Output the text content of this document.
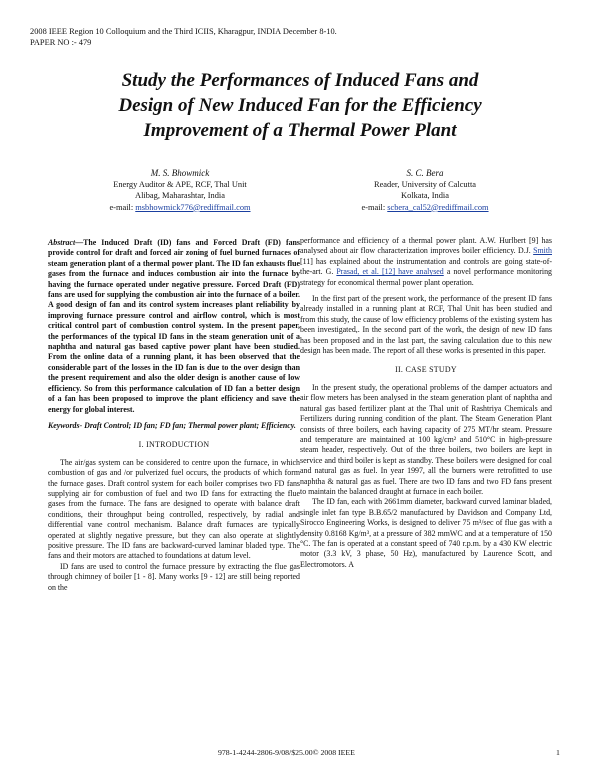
2008 IEEE Region 10 Colloquium and the Third ICIIS, Kharagpur, INDIA December 8-10.
PAPER NO :- 479
Study the Performances of Induced Fans and
Design of New Induced Fan for the Efficiency
Improvement of a Thermal Power Plant
M. S. Bhowmick
Energy Auditor & APE, RCF, Thal Unit
Alibag, Maharashtar, India
e-mail: msbhowmick776@rediffmail.com
S. C. Bera
Reader, University of Calcutta
Kolkata, India
e-mail: scbera_cal52@rediffmail.com
Abstract—The Induced Draft (ID) fans and Forced Draft (FD) fans provide control for draft and forced air zoning of fuel burned furnaces of steam generation plant of a thermal power plant. The ID fan exhausts flue gases from the furnace and induces combustion air into the furnace by having the furnace operated under negative pressure. Forced Draft (FD) fans are used for supplying the combustion air into the furnace of a boiler. A good design of fan and its control system increases plant reliability by improving furnace pressure control and airflow control, which is most critical control part of combustion control system. In the present paper, the performances of the typical ID fans in the steam generation unit of a naphtha and natural gas based captive power plant have been studied. From the online data of a running plant, it has been observed that the considerable part of the losses in the ID fan is due to the over design than the present requirement and also the older design is another cause of low efficiency. So from this performance calculation of ID fan a better design of a fan has been proposed to improve the plant efficiency and save the energy for global interest.
Keywords- Draft Control; ID fan; FD fan; Thermal power plant; Efficiency.
I. INTRODUCTION

The air/gas system can be considered to centre upon the furnace, in which combustion of gas and /or pulverized fuel occurs, the products of which form the furnace gases. Draft control system for each boiler comprises two FD fans supplying air for combustion of fuel and two ID fans for extracting the flue gases from the furnace. The fans are designed to operate with balance draft conditions, their throughput being controlled, respectively, by radial and differential vane control mechanism. Balance draft furnaces are typically operated at slightly negative pressure, but they can also operate at slightly positive pressure. The ID fans are backward-curved laminar bladed type. The fans and their motors are attached to foundations at datum level.

ID fans are used to control the furnace pressure by extracting the flue gas through chimney of boiler [1 - 8]. Many works [9 - 12] are still being reported on the

performance and efficiency of a thermal power plant. A.W. Hurlbert [9] has analysed about air flow characterization improves boiler efficiency. D.J. Smith [11] has explained about the instrumentation and controls are going state-of-the-art. G. Prasad, et al. [12] have analysed a novel performance monitoring strategy for economical thermal power plant operation.

In the first part of the present work, the performance of the present ID fans already installed in a running plant at RCF, Thal Unit has been studied and from this study, the cause of low efficiency problems of the existing system has been investigated,. In the second part of the work, the design of new ID fans has been proposed and in the last part, the saving calculation due to this new design has been made. The report of all these works is presented in this paper.

II. CASE STUDY

In the present study, the operational problems of the damper actuators and air flow meters has been analysed in the steam generation plant of naphtha and natural gas based fertilizer plant at the Thal unit of Rashtriya Chemicals and Fertilizers during running condition of the plant. The Steam Generation Plant consists of three boilers, each having capacity of 275 MT/hr steam. Pressure and temperature are maintained at 100 kg/cm² and 510°C in high-pressure steam header, respectively. Out of the three boilers, two boilers are kept in service and third boiler is kept as standby. These boilers were designed for coal and natural gas as fuel. In year 1997, all the burners were retrofitted to use naphtha & natural gas as fuel. There are two ID fans and two FD fans present to maintain the balanced draught at furnace in each boiler.

The ID fan, each with 2661mm diameter, backward curved laminar bladed, single inlet fan type B.B.65/2 manufactured by Davidson and Company Ltd, Sirocco Engineering Works, is designed to deliver 75 m³/sec of flue gas with a density 0.8168 Kg/m³, at a pressure of 382 mmWC and at a temperature of 150 °C. The fan is operated at a constant speed of 740 r.p.m. by a 430 KW electric motor (3.3 kV, 3 phase, 50 Hz), manufactured by Laurence Scott, and Electromotors. A

978-1-4244-2806-9/08/$25.00© 2008 IEEE	1
